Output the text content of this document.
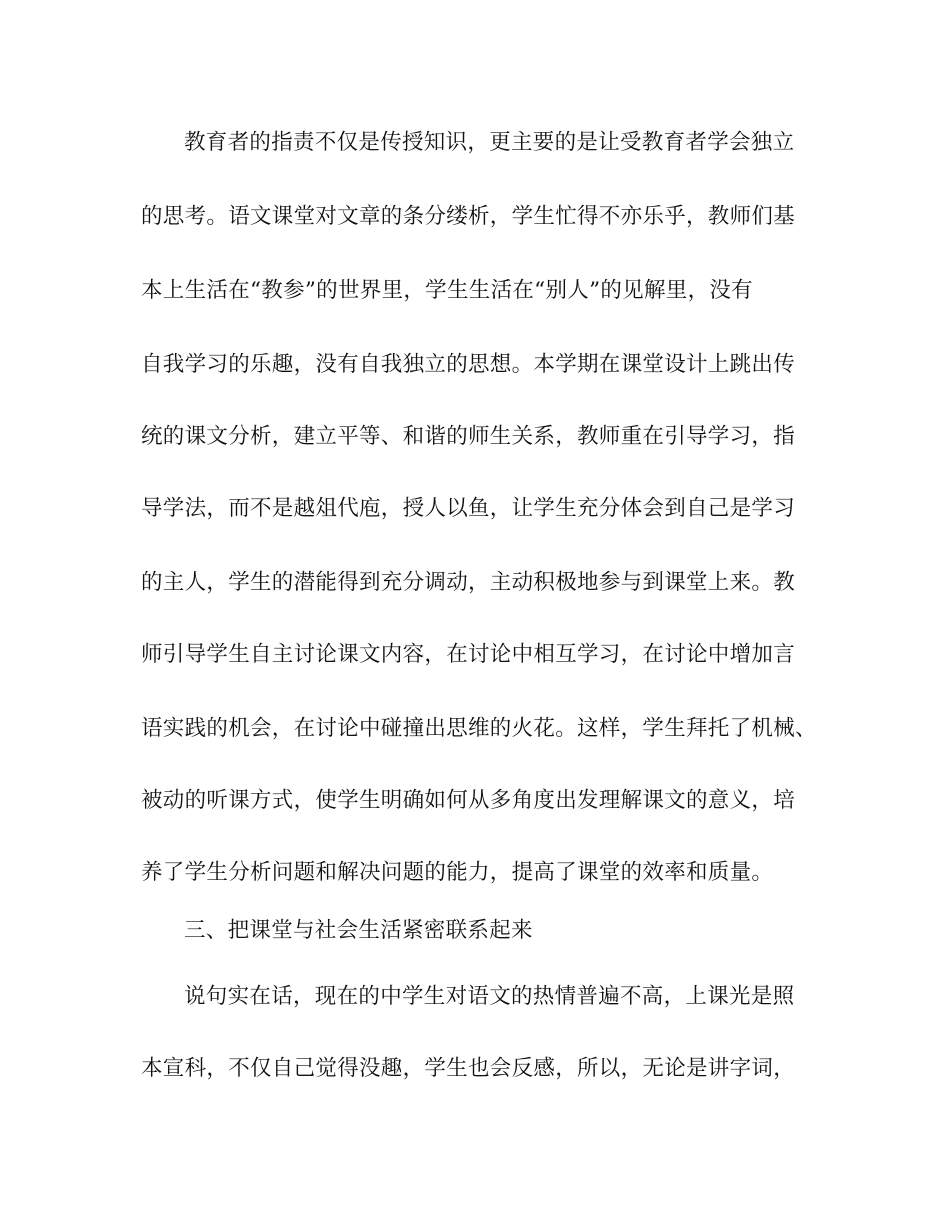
教育者的指责不仅是传授知识，更主要的是让受教育者学会独立

的思考。语文课堂对文章的条分缕析，学生忙得不亦乐乎，教师们基

本上生活在“教参”的世界里，学生生活在“别人”的见解里，没有

自我学习的乐趣，没有自我独立的思想。本学期在课堂设计上跳出传

统的课文分析，建立平等、和谐的师生关系，教师重在引导学习，指

导学法，而不是越俎代庖，授人以鱼，让学生充分体会到自己是学习

的主人，学生的潜能得到充分调动，主动积极地参与到课堂上来。教

师引导学生自主讨论课文内容，在讨论中相互学习，在讨论中增加言

语实践的机会，在讨论中碰撞出思维的火花。这样，学生拜托了机械、

被动的听课方式，使学生明确如何从多角度出发理解课文的意义，培

养了学生分析问题和解决问题的能力，提高了课堂的效率和质量。

三、把课堂与社会生活紧密联系起来

说句实在话，现在的中学生对语文的热情普遍不高，上课光是照

本宣科，不仅自己觉得没趣，学生也会反感，所以，无论是讲字词，
